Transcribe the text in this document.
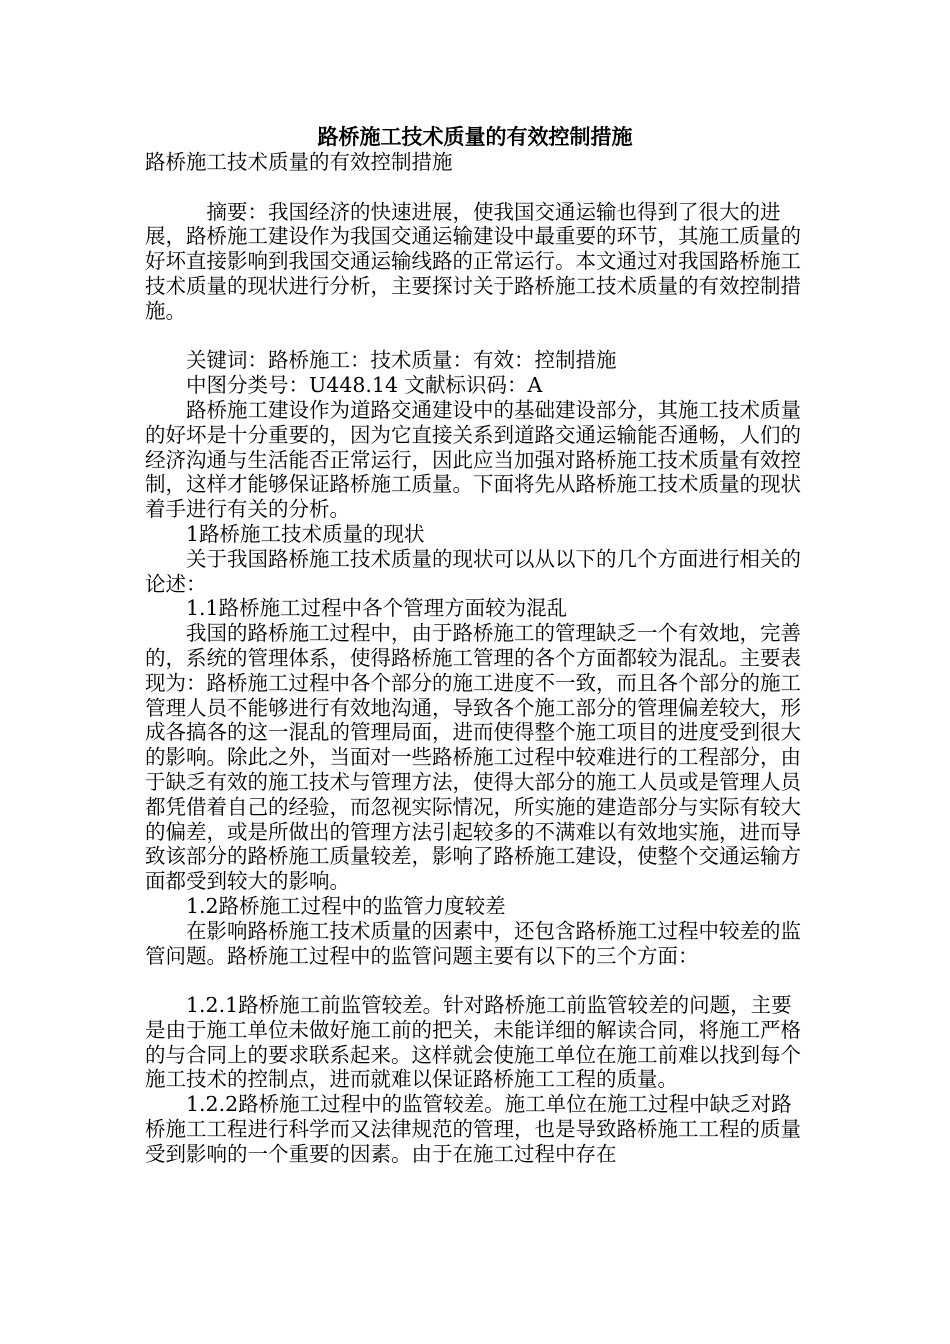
路桥施工技术质量的有效控制措施

路桥施工技术质量的有效控制措施

摘要：我国经济的快速进展，使我国交通运输也得到了很大的进展，路桥施工建设作为我国交通运输建设中最重要的环节，其施工质量的好坏直接影响到我国交通运输线路的正常运行。本文通过对我国路桥施工技术质量的现状进行分析，主要探讨关于路桥施工技术质量的有效控制措施。

关键词：路桥施工：技术质量：有效：控制措施

中图分类号：U448.14 文献标识码：A

路桥施工建设作为道路交通建设中的基础建设部分，其施工技术质量的好坏是十分重要的，因为它直接关系到道路交通运输能否通畅，人们的经济沟通与生活能否正常运行，因此应当加强对路桥施工技术质量有效控制，这样才能够保证路桥施工质量。下面将先从路桥施工技术质量的现状着手进行有关的分析。

1路桥施工技术质量的现状

关于我国路桥施工技术质量的现状可以从以下的几个方面进行相关的论述：

1.1路桥施工过程中各个管理方面较为混乱

我国的路桥施工过程中，由于路桥施工的管理缺乏一个有效地，完善的，系统的管理体系，使得路桥施工管理的各个方面都较为混乱。主要表现为：路桥施工过程中各个部分的施工进度不一致，而且各个部分的施工管理人员不能够进行有效地沟通，导致各个施工部分的管理偏差较大，形成各搞各的这一混乱的管理局面，进而使得整个施工项目的进度受到很大的影响。除此之外，当面对一些路桥施工过程中较难进行的工程部分，由于缺乏有效的施工技术与管理方法，使得大部分的施工人员或是管理人员都凭借着自己的经验，而忽视实际情况，所实施的建造部分与实际有较大的偏差，或是所做出的管理方法引起较多的不满难以有效地实施，进而导致该部分的路桥施工质量较差，影响了路桥施工建设，使整个交通运输方面都受到较大的影响。

1.2路桥施工过程中的监管力度较差

在影响路桥施工技术质量的因素中，还包含路桥施工过程中较差的监管问题。路桥施工过程中的监管问题主要有以下的三个方面：

1.2.1路桥施工前监管较差。针对路桥施工前监管较差的问题，主要是由于施工单位未做好施工前的把关，未能详细的解读合同，将施工严格的与合同上的要求联系起来。这样就会使施工单位在施工前难以找到每个施工技术的控制点，进而就难以保证路桥施工工程的质量。

1.2.2路桥施工过程中的监管较差。施工单位在施工过程中缺乏对路桥施工工程进行科学而又法律规范的管理，也是导致路桥施工工程的质量受到影响的一个重要的因素。由于在施工过程中存在
